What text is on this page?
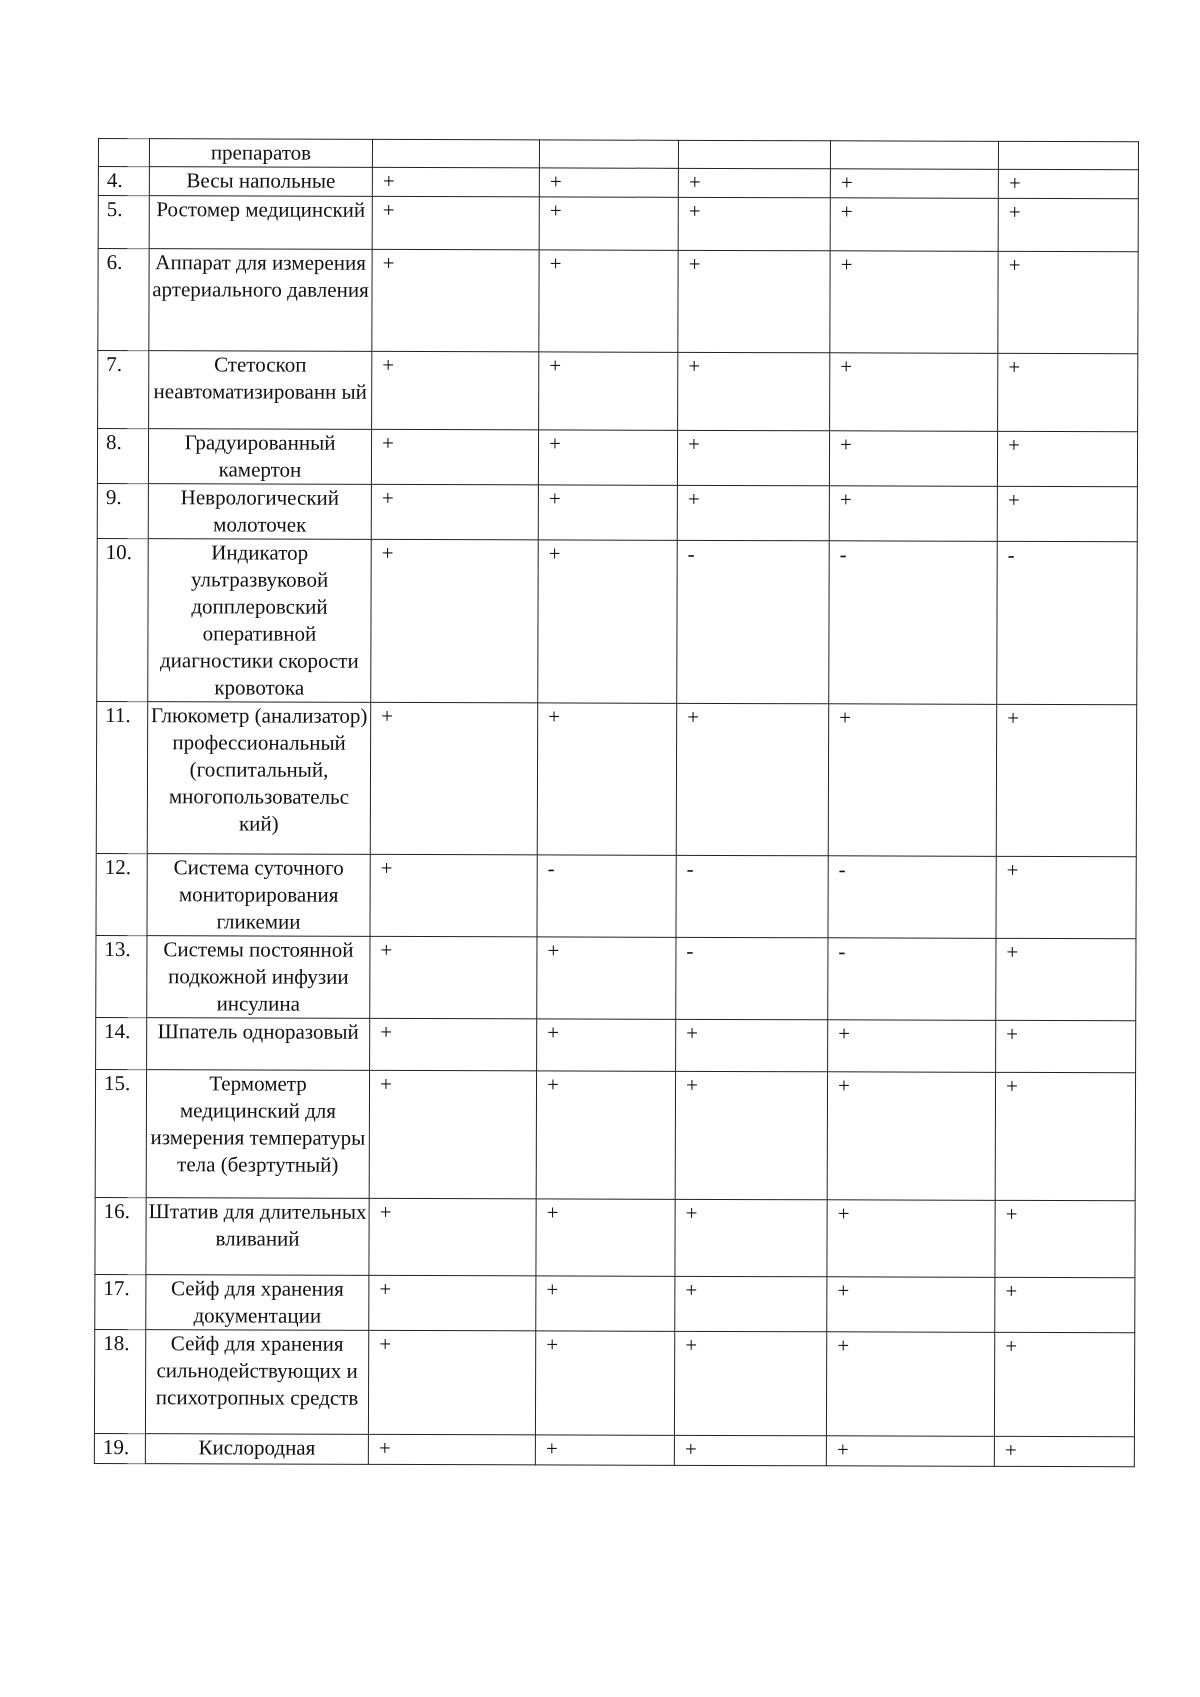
	препаратов					
4.	Весы напольные	+	+	+	+	+
5.	Ростомер медицинский	+	+	+	+	+
6.	Аппарат для измерения артериального давления	+	+	+	+	+
7.	Стетоскоп неавтоматизированн ый	+	+	+	+	+
8.	Градуированный камертон	+	+	+	+	+
9.	Неврологический молоточек	+	+	+	+	+
10.	Индикатор ультразвуковой допплеровский оперативной диагностики скорости кровотока	+	+	-	-	-
11.	Глюкометр (анализатор) профессиональный (госпитальный, многопользовательс кий)	+	+	+	+	+
12.	Система суточного мониторирования гликемии	+	-	-	-	+
13.	Системы постоянной подкожной инфузии инсулина	+	+	-	-	+
14.	Шпатель одноразовый	+	+	+	+	+
15.	Термометр медицинский для измерения температуры тела (безртутный)	+	+	+	+	+
16.	Штатив для длительных вливаний	+	+	+	+	+
17.	Сейф для хранения документации	+	+	+	+	+
18.	Сейф для хранения сильнодействующих и психотропных средств	+	+	+	+	+
19.	Кислородная	+	+	+	+	+
